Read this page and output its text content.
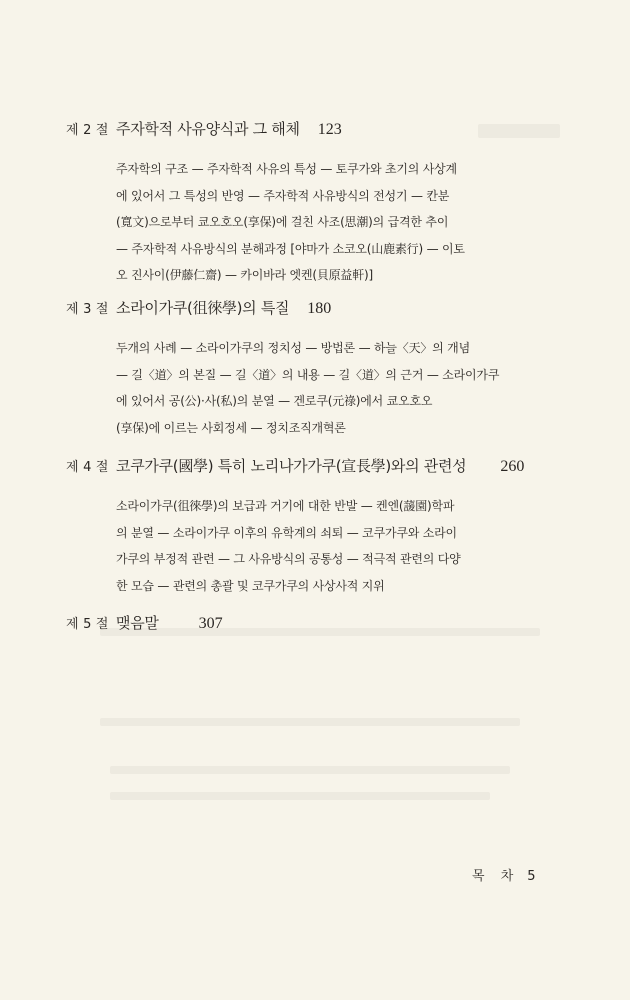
제 2 절 주자학적 사유양식과 그 해체 123

주자학의 구조 — 주자학적 사유의 특성 — 토쿠가와 초기의 사상계

에 있어서 그 특성의 반영 — 주자학적 사유방식의 전성기 — 칸분

(寬文)으로부터 쿄오호오(享保)에 걸친 사조(思潮)의 급격한 추이

— 주자학적 사유방식의 분해과정 [야마가 소코오(山鹿素行) — 이토

오 진사이(伊藤仁齋) — 카이바라 엣켄(貝原益軒)]

제 3 절 소라이가쿠(徂徠學)의 특질 180

두개의 사례 — 소라이가쿠의 정치성 — 방법론 — 하늘〈天〉의 개념

— 길〈道〉의 본질 — 길〈道〉의 내용 — 길〈道〉의 근거 — 소라이가쿠

에 있어서 공(公)·사(私)의 분열 — 겐로쿠(元祿)에서 쿄오호오

(享保)에 이르는 사회정세 — 정치조직개혁론

제 4 절 코쿠가쿠(國學) 특히 노리나가가쿠(宣長學)와의 관련성 260

소라이가쿠(徂徠學)의 보급과 거기에 대한 반발 — 켄엔(蘐園)학파

의 분열 — 소라이가쿠 이후의 유학계의 쇠퇴 — 코쿠가쿠와 소라이

가쿠의 부정적 관련 — 그 사유방식의 공통성 — 적극적 관련의 다양

한 모습 — 관련의 총괄 및 코쿠가쿠의 사상사적 지위

제 5 절 맺음말	307
목 차 5
